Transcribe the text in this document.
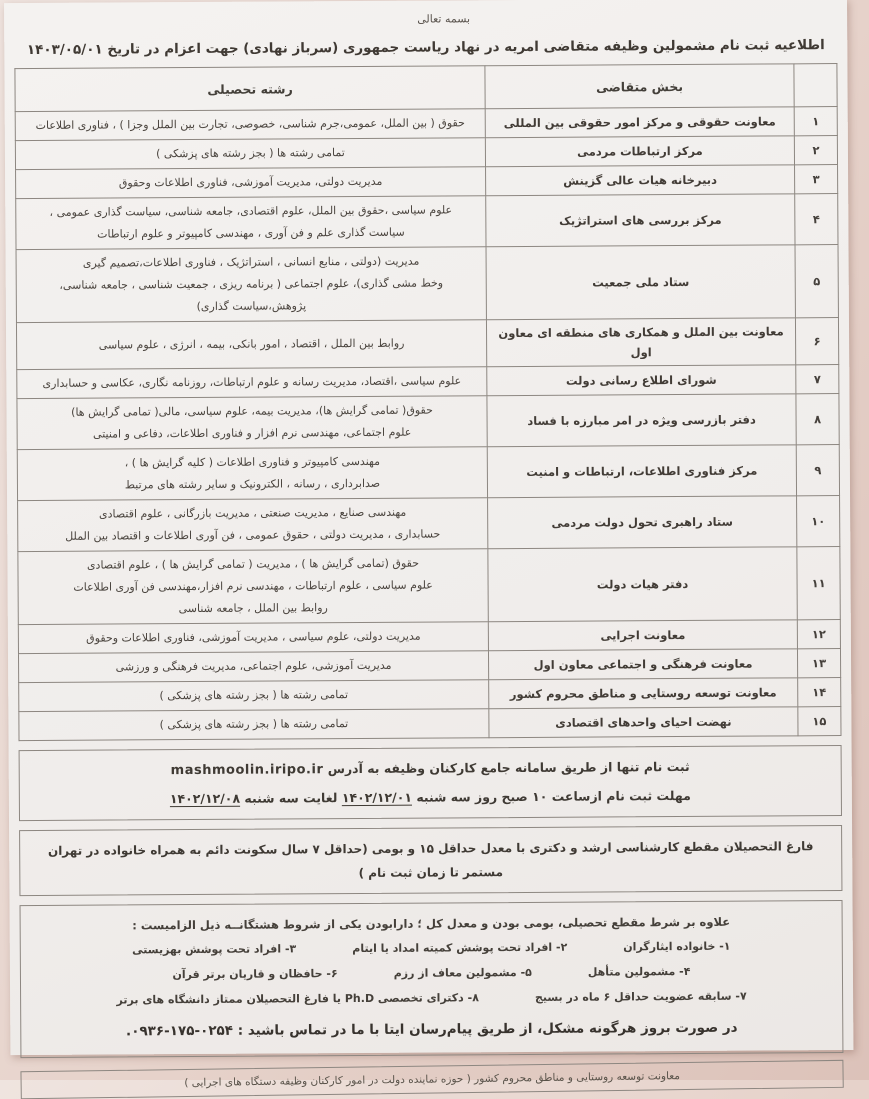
بسمه تعالی
اطلاعیه ثبت نام مشمولین وظیفه متقاضی امریه در نهاد ریاست جمهوری (سرباز نهادی) جهت اعزام در تاریخ ۱۴۰۳/۰۵/۰۱
	بخش متقاضی	رشته تحصیلی
۱	معاونت حقوقی و مرکز امور حقوقی بین المللی	حقوق ( بین الملل، عمومی،جرم شناسی، خصوصی، تجارت بین الملل وجزا ) ، فناوری اطلاعات
۲	مرکز ارتباطات مردمی	تمامی رشته ها ( بجز رشته های پزشکی )
۳	دبیرخانه هیات عالی گزینش	مدیریت دولتی، مدیریت آموزشی، فناوری اطلاعات وحقوق
۴	مرکز بررسی های استراتژیک	علوم سیاسی ،حقوق بین الملل، علوم اقتصادی، جامعه شناسی، سیاست گذاری عمومی ،
سیاست گذاری علم و فن آوری ، مهندسی کامپیوتر و علوم ارتباطات
۵	ستاد ملی جمعیت	مدیریت (دولتی ، منابع انسانی ، استراتژیک ، فناوری اطلاعات،تصمیم گیری
وخط مشی گذاری)، علوم اجتماعی ( برنامه ریزی ، جمعیت شناسی ، جامعه شناسی، پژوهش،سیاست گذاری)
۶	معاونت بین الملل و همکاری های منطقه ای معاون اول	روابط بین الملل ، اقتصاد ، امور بانکی، بیمه ، انرژی ، علوم سیاسی
۷	شورای اطلاع رسانی دولت	علوم سیاسی ،اقتصاد، مدیریت رسانه و علوم ارتباطات، روزنامه نگاری، عکاسی و حسابداری
۸	دفتر بازرسی ویژه در امر مبارزه با فساد	حقوق( تمامی گرایش ها)، مدیریت بیمه، علوم سیاسی، مالی( تمامی گرایش ها)
علوم اجتماعی، مهندسی نرم افزار و فناوری اطلاعات، دفاعی و امنیتی
۹	مرکز فناوری اطلاعات، ارتباطات و امنیت	مهندسی کامپیوتر و فناوری اطلاعات ( کلیه گرایش ها ) ،
صدابرداری ، رسانه ، الکترونیک و سایر رشته های مرتبط
۱۰	ستاد راهبری تحول دولت مردمی	مهندسی صنایع ، مدیریت صنعتی ، مدیریت بازرگانی ، علوم اقتصادی
حسابداری ، مدیریت دولتی ، حقوق عمومی ، فن آوری اطلاعات و اقتصاد بین الملل
۱۱	دفتر هیات دولت	حقوق (تمامی گرایش ها ) ، مدیریت ( تمامی گرایش ها ) ، علوم اقتصادی
علوم سیاسی ، علوم ارتباطات ، مهندسی نرم افزار،مهندسی فن آوری اطلاعات
روابط بین الملل ، جامعه شناسی
۱۲	معاونت اجرایی	مدیریت دولتی، علوم سیاسی ، مدیریت آموزشی، فناوری اطلاعات وحقوق
۱۳	معاونت فرهنگی و اجتماعی معاون اول	مدیریت آموزشی، علوم اجتماعی، مدیریت فرهنگی و ورزشی
۱۴	معاونت توسعه روستایی و مناطق محروم کشور	تمامی رشته ها ( بجز رشته های پزشکی )
۱۵	نهضت احیای واحدهای اقتصادی	تمامی رشته ها ( بجز رشته های پزشکی )
ثبت نام تنها از طریق سامانه جامع کارکنان وظیفه به آدرس mashmoolin.iripo.ir
مهلت ثبت نام ازساعت ۱۰ صبح روز سه شنبه ۱۴۰۲/۱۲/۰۱ لغایت سه شنبه ۱۴۰۲/۱۲/۰۸
فارغ التحصیلان مقطع کارشناسی ارشد و دکتری با معدل حداقل ۱۵ و بومی (حداقل ۷ سال سکونت دائم به همراه خانواده در تهران مستمر تا زمان ثبت نام )
علاوه بر شرط مقطع تحصیلی، بومی بودن و معدل کل ؛ دارابودن یکی از شروط هشتگانــه ذیل الزامیست :
۱- خانواده ایثارگران
۲- افراد تحت پوشش کمیته امداد یا ایتام
۳- افراد تحت پوشش بهزیستی
۴- مشمولین متأهل
۵- مشمولین معاف از رزم
۶- حافظان و قاریان برتر قرآن
۷- سابقه عضویت حداقل ۶ ماه در بسیج
۸- دکترای تخصصی Ph.D یا فارغ التحصیلان ممتاز دانشگاه های برتر
در صورت بروز هرگونه مشکل، از طریق پیام‌رسان ایتا با ما در تماس باشید : ۰۹۳۶-۱۷۵-۰۲۵۴.
معاونت توسعه روستایی و مناطق محروم کشور ( حوزه نماینده دولت در امور کارکنان وظیفه دستگاه های اجرایی )
